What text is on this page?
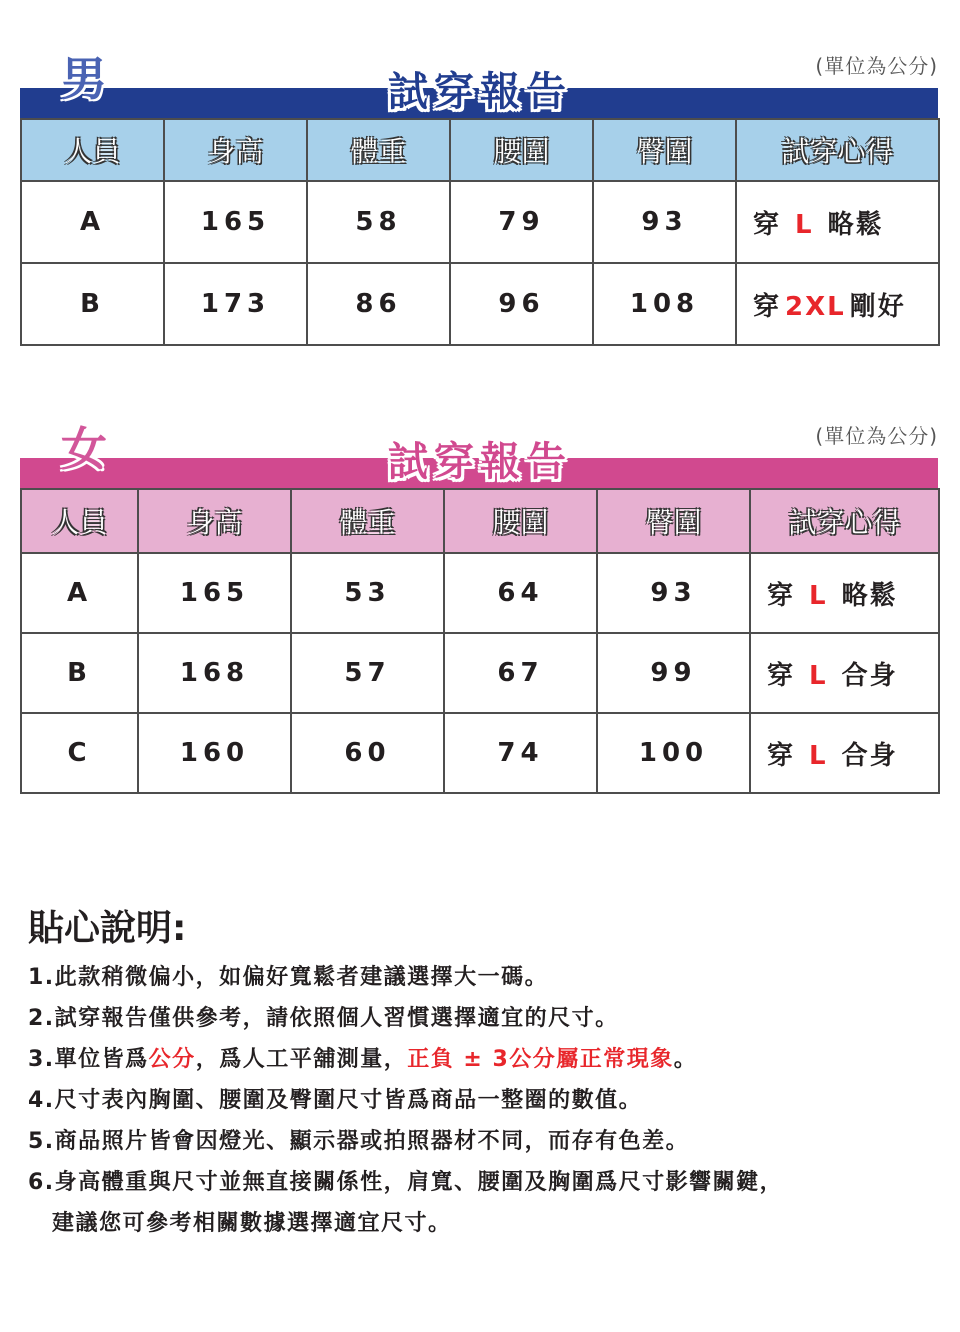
(單位為公分)
男	試穿報告
人員	身高	體重	腰圍	臀圍	試穿心得
A	165	58	79	93	穿 L 略鬆
B	173	86	96	108	穿 2XL 剛好
(單位為公分)
女	試穿報告
人員	身高	體重	腰圍	臀圍	試穿心得
A	165	53	64	93	穿 L 略鬆
B	168	57	67	99	穿 L 合身
C	160	60	74	100	穿 L 合身
貼心說明:
1.此款稍微偏小，如偏好寬鬆者建議選擇大一碼。
2.試穿報告僅供參考，請依照個人習慣選擇適宜的尺寸。
3.單位皆爲公分，爲人工平舖測量，正負 ± 3公分屬正常現象。
4.尺寸表內胸圍、腰圍及臀圍尺寸皆爲商品一整圈的數值。
5.商品照片皆會因燈光、顯示器或拍照器材不同，而存有色差。
6.身高體重與尺寸並無直接關係性，肩寬、腰圍及胸圍爲尺寸影響關鍵，
建議您可參考相關數據選擇適宜尺寸。
